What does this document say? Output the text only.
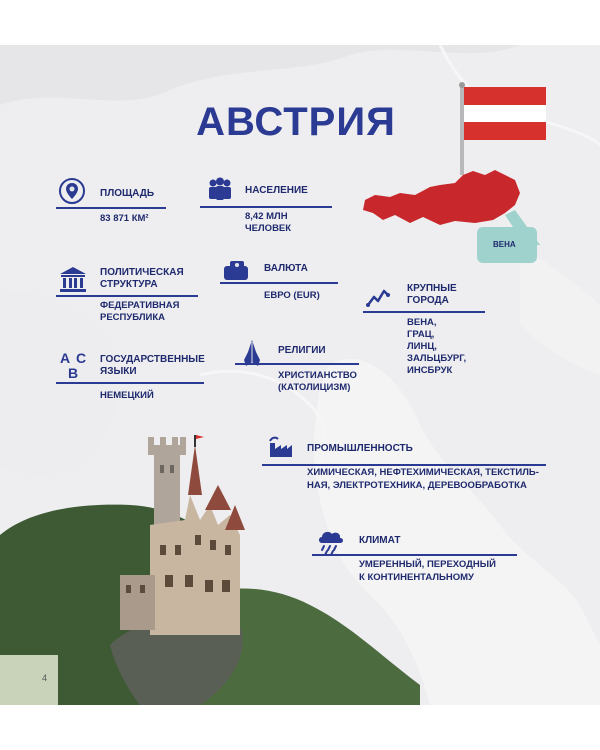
ВЕНА
АВСТРИЯ
ПЛОЩАДЬ
83 871 КМ²
НАСЕЛЕНИЕ
8,42 МЛН
ЧЕЛОВЕК
ПОЛИТИЧЕСКАЯ
СТРУКТУРА
ФЕДЕРАТИВНАЯ
РЕСПУБЛИКА
ВАЛЮТА
ЕВРО (EUR)
КРУПНЫЕ
ГОРОДА
ВЕНА,
ГРАЦ,
ЛИНЦ,
ЗАЛЬЦБУРГ,
ИНСБРУК
А С
В
ГОСУДАРСТВЕННЫЕ
ЯЗЫКИ
НЕМЕЦКИЙ
РЕЛИГИИ
ХРИСТИАНСТВО
(КАТОЛИЦИЗМ)
ПРОМЫШЛЕННОСТЬ
ХИМИЧЕСКАЯ, НЕФТЕХИМИЧЕСКАЯ, ТЕКСТИЛЬ-
НАЯ, ЭЛЕКТРОТЕХНИКА, ДЕРЕВООБРАБОТКА
КЛИМАТ
УМЕРЕННЫЙ, ПЕРЕХОДНЫЙ
К КОНТИНЕНТАЛЬНОМУ
4
